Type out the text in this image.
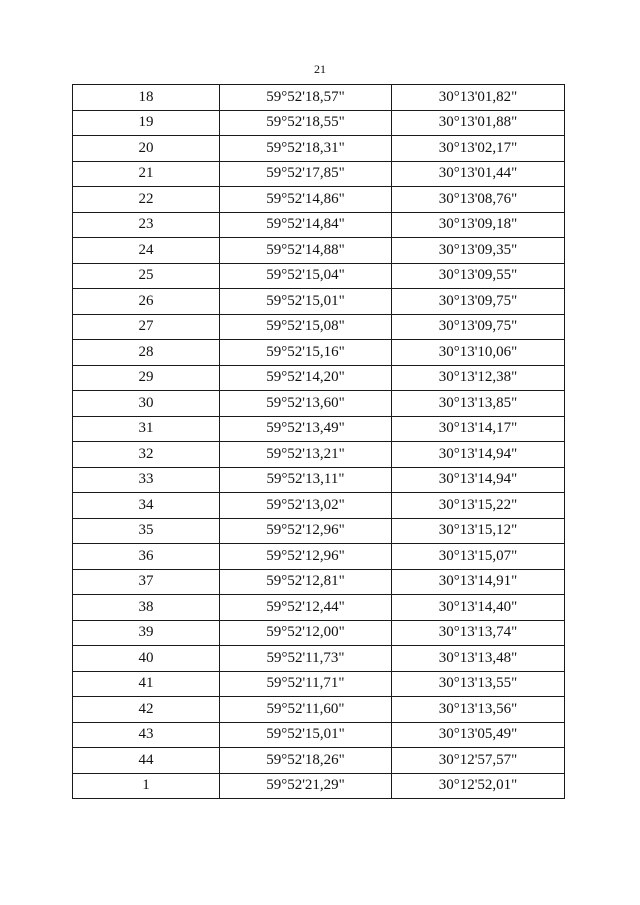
21
18	59°52'18,57"	30°13'01,82"
19	59°52'18,55"	30°13'01,88"
20	59°52'18,31"	30°13'02,17"
21	59°52'17,85"	30°13'01,44"
22	59°52'14,86"	30°13'08,76"
23	59°52'14,84"	30°13'09,18"
24	59°52'14,88"	30°13'09,35"
25	59°52'15,04"	30°13'09,55"
26	59°52'15,01"	30°13'09,75"
27	59°52'15,08"	30°13'09,75"
28	59°52'15,16"	30°13'10,06"
29	59°52'14,20"	30°13'12,38"
30	59°52'13,60"	30°13'13,85"
31	59°52'13,49"	30°13'14,17"
32	59°52'13,21"	30°13'14,94"
33	59°52'13,11"	30°13'14,94"
34	59°52'13,02"	30°13'15,22"
35	59°52'12,96"	30°13'15,12"
36	59°52'12,96"	30°13'15,07"
37	59°52'12,81"	30°13'14,91"
38	59°52'12,44"	30°13'14,40"
39	59°52'12,00"	30°13'13,74"
40	59°52'11,73"	30°13'13,48"
41	59°52'11,71"	30°13'13,55"
42	59°52'11,60"	30°13'13,56"
43	59°52'15,01"	30°13'05,49"
44	59°52'18,26"	30°12'57,57"
1	59°52'21,29"	30°12'52,01"
